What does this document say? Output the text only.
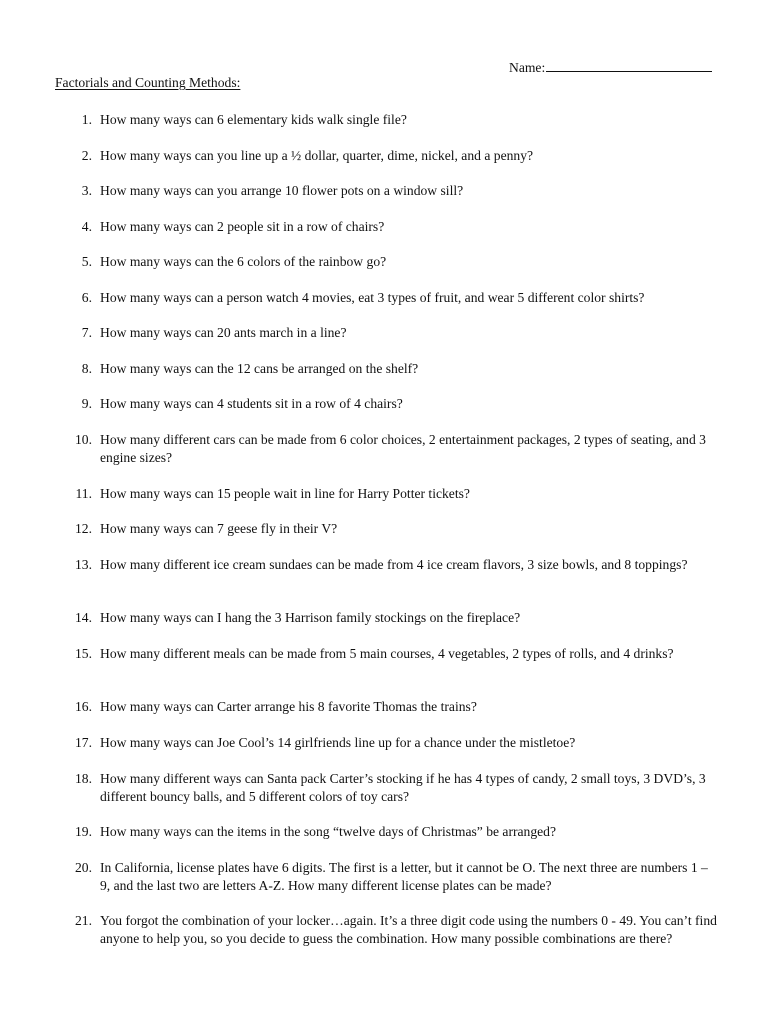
Name:
Factorials and Counting Methods:
1. How many ways can 6 elementary kids walk single file?
2. How many ways can you line up a ½ dollar, quarter, dime, nickel, and a penny?
3. How many ways can you arrange 10 flower pots on a window sill?
4. How many ways can 2 people sit in a row of chairs?
5. How many ways can the 6 colors of the rainbow go?
6. How many ways can a person watch 4 movies, eat 3 types of fruit, and wear 5 different color shirts?
7. How many ways can 20 ants march in a line?
8. How many ways can the 12 cans be arranged on the shelf?
9. How many ways can 4 students sit in a row of 4 chairs?
10. How many different cars can be made from 6 color choices, 2 entertainment packages, 2 types of seating, and 3 engine sizes?
11. How many ways can 15 people wait in line for Harry Potter tickets?
12. How many ways can 7 geese fly in their V?
13. How many different ice cream sundaes can be made from 4 ice cream flavors, 3 size bowls, and 8 toppings?
14. How many ways can I hang the 3 Harrison family stockings on the fireplace?
15. How many different meals can be made from 5 main courses, 4 vegetables, 2 types of rolls, and 4 drinks?
16. How many ways can Carter arrange his 8 favorite Thomas the trains?
17. How many ways can Joe Cool’s 14 girlfriends line up for a chance under the mistletoe?
18. How many different ways can Santa pack Carter’s stocking if he has 4 types of candy, 2 small toys, 3 DVD’s, 3 different bouncy balls, and 5 different colors of toy cars?
19. How many ways can the items in the song “twelve days of Christmas” be arranged?
20. In California, license plates have 6 digits. The first is a letter, but it cannot be O. The next three are numbers 1 – 9, and the last two are letters A-Z. How many different license plates can be made?
21. You forgot the combination of your locker…again. It’s a three digit code using the numbers 0 - 49. You can’t find anyone to help you, so you decide to guess the combination. How many possible combinations are there?
